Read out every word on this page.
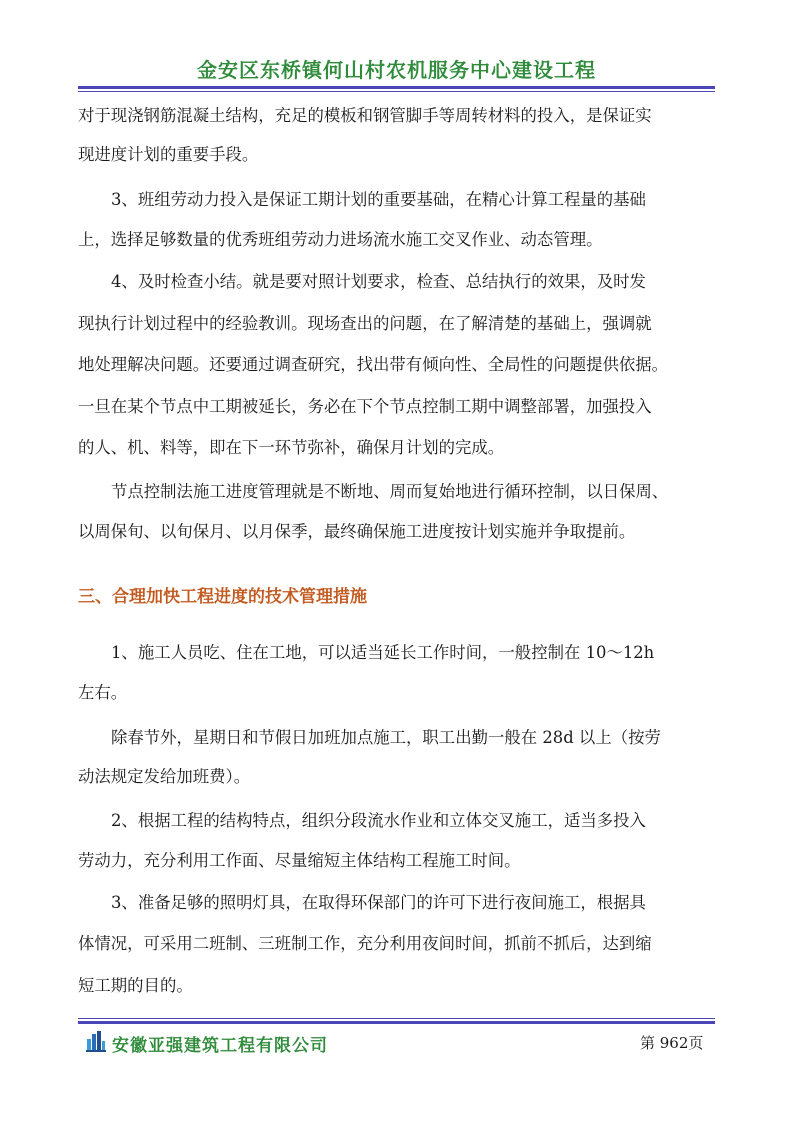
金安区东桥镇何山村农机服务中心建设工程
对于现浇钢筋混凝土结构，充足的模板和钢管脚手等周转材料的投入，是保证实
现进度计划的重要手段。
3、班组劳动力投入是保证工期计划的重要基础，在精心计算工程量的基础
上，选择足够数量的优秀班组劳动力进场流水施工交叉作业、动态管理。
4、及时检查小结。就是要对照计划要求，检查、总结执行的效果，及时发
现执行计划过程中的经验教训。现场查出的问题，在了解清楚的基础上，强调就
地处理解决问题。还要通过调查研究，找出带有倾向性、全局性的问题提供依据。
一旦在某个节点中工期被延长，务必在下个节点控制工期中调整部署，加强投入
的人、机、料等，即在下一环节弥补，确保月计划的完成。
节点控制法施工进度管理就是不断地、周而复始地进行循环控制，以日保周、
以周保旬、以旬保月、以月保季，最终确保施工进度按计划实施并争取提前。
三、合理加快工程进度的技术管理措施
1、施工人员吃、住在工地，可以适当延长工作时间，一般控制在 10～12h
左右。
除春节外，星期日和节假日加班加点施工，职工出勤一般在 28d 以上（按劳
动法规定发给加班费）。
2、根据工程的结构特点，组织分段流水作业和立体交叉施工，适当多投入
劳动力，充分利用工作面、尽量缩短主体结构工程施工时间。
3、准备足够的照明灯具，在取得环保部门的许可下进行夜间施工，根据具
体情况，可采用二班制、三班制工作，充分利用夜间时间，抓前不抓后，达到缩
短工期的目的。
安徽亚强建筑工程有限公司	第 962页
